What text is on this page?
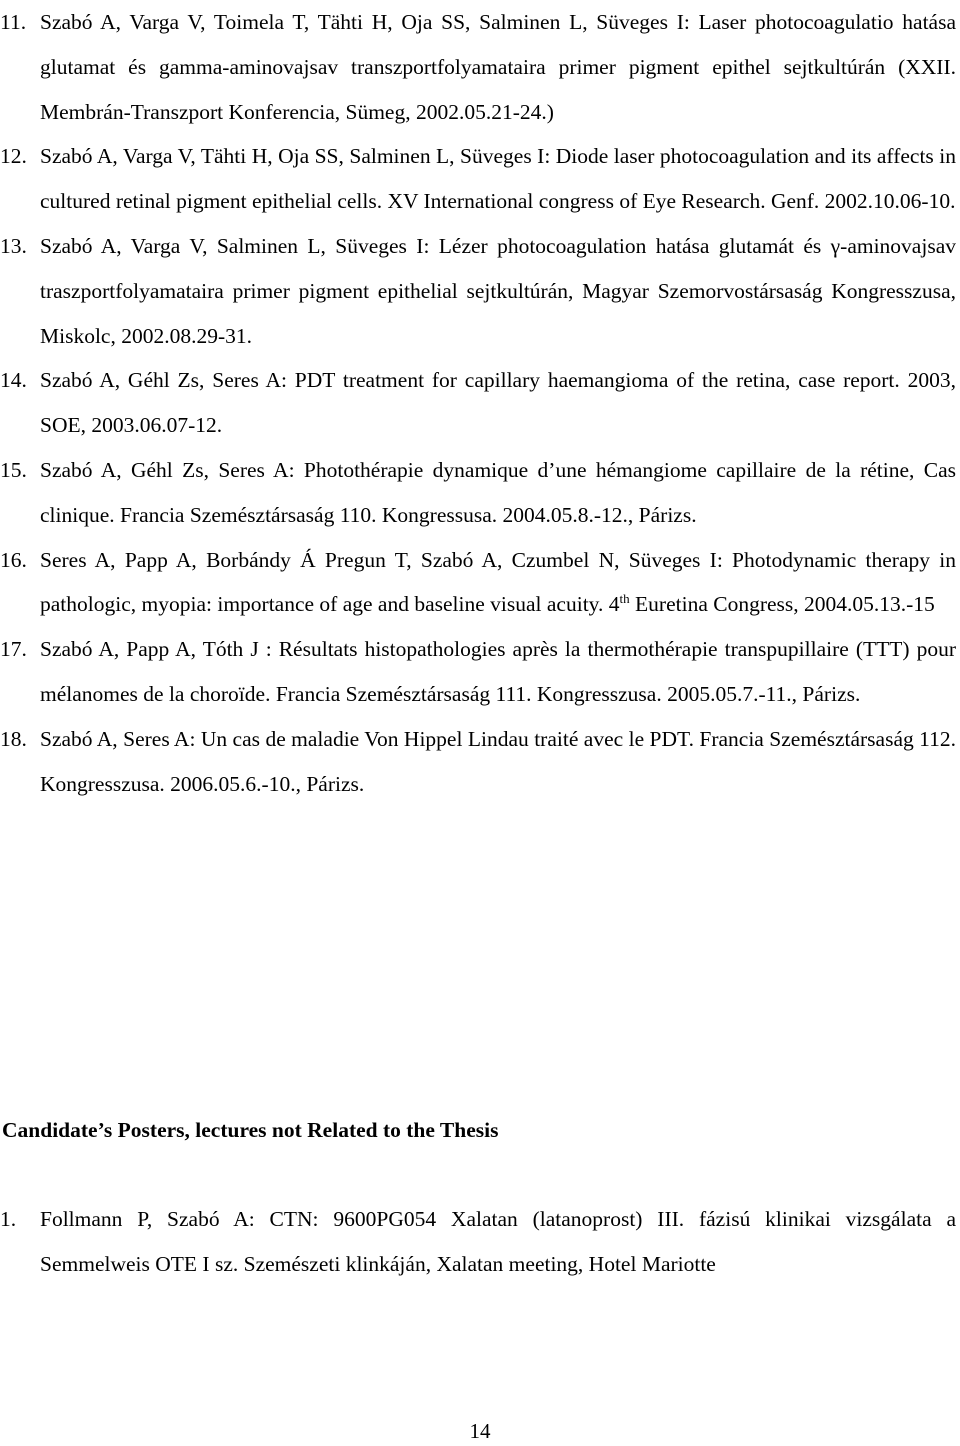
11. Szabó A, Varga V, Toimela T, Tähti H, Oja SS, Salminen L, Süveges I: Laser photocoagulatio hatása glutamat és gamma-aminovajsav transzportfolyamataira primer pigment epithel sejtkultúrán (XXII. Membrán-Transzport Konferencia, Sümeg, 2002.05.21-24.)
12. Szabó A, Varga V, Tähti H, Oja SS, Salminen L, Süveges I: Diode laser photocoagulation and its affects in cultured retinal pigment epithelial cells. XV International congress of Eye Research. Genf. 2002.10.06-10.
13. Szabó A, Varga V, Salminen L, Süveges I: Lézer photocoagulation hatása glutamát és γ-aminovajsav traszportfolyamataira primer pigment epithelial sejtkultúrán, Magyar Szemorvostársaság Kongresszusa, Miskolc, 2002.08.29-31.
14. Szabó A, Géhl Zs, Seres A: PDT treatment for capillary haemangioma of the retina, case report. 2003, SOE, 2003.06.07-12.
15. Szabó A, Géhl Zs, Seres A: Photothérapie dynamique d’une hémangiome capillaire de la rétine, Cas clinique. Francia Szemésztársaság 110. Kongressusa. 2004.05.8.-12., Párizs.
16. Seres A, Papp A, Borbándy Á Pregun T, Szabó A, Czumbel N, Süveges I: Photodynamic therapy in pathologic, myopia: importance of age and baseline visual acuity. 4th Euretina Congress, 2004.05.13.-15
17. Szabó A, Papp A, Tóth J : Résultats histopathologies après la thermothérapie transpupillaire (TTT) pour mélanomes de la choroïde. Francia Szemésztársaság 111. Kongresszusa. 2005.05.7.-11., Párizs.
18. Szabó A, Seres A: Un cas de maladie Von Hippel Lindau traité avec le PDT. Francia Szemésztársaság 112. Kongresszusa. 2006.05.6.-10., Párizs.
Candidate’s Posters, lectures not Related to the Thesis
1.	Follmann P, Szabó A: CTN: 9600PG054 Xalatan (latanoprost) III. fázisú klinikai vizsgálata a Semmelweis OTE I sz. Szemészeti klinkáján, Xalatan meeting, Hotel Mariotte
14
